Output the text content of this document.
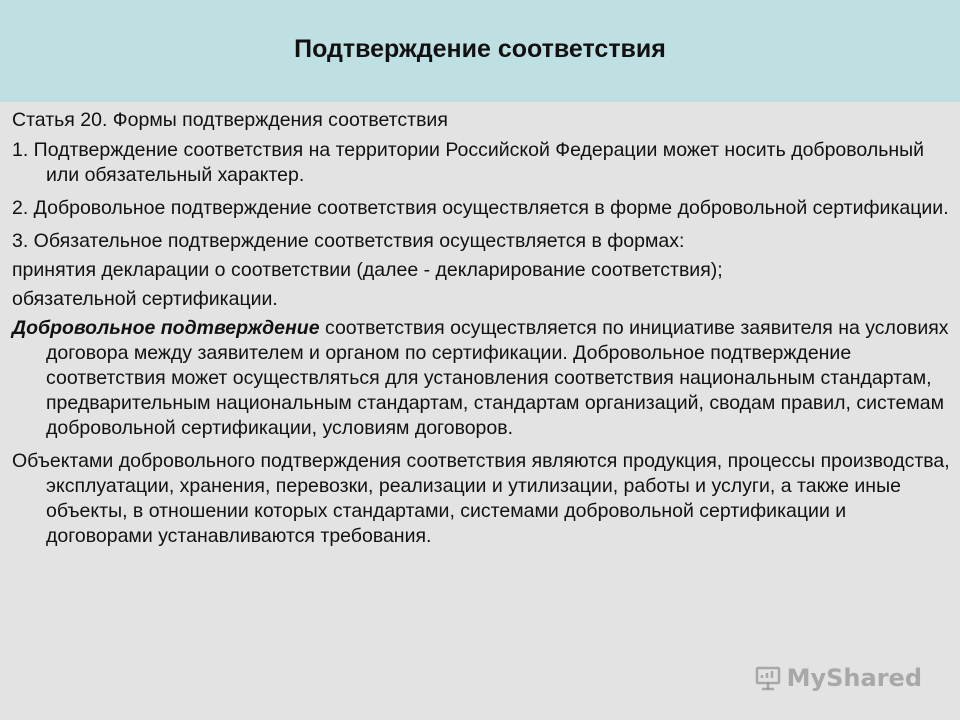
Подтверждение соответствия

Статья 20. Формы подтверждения соответствия

1. Подтверждение соответствия на территории Российской Федерации может носить добровольный или обязательный характер.

2. Добровольное подтверждение соответствия осуществляется в форме добровольной сертификации.

3. Обязательное подтверждение соответствия осуществляется в формах:

принятия декларации о соответствии (далее - декларирование соответствия);

обязательной сертификации.

Добровольное подтверждение соответствия осуществляется по инициативе заявителя на условиях договора между заявителем и органом по сертификации. Добровольное подтверждение соответствия может осуществляться для установления соответствия национальным стандартам, предварительным национальным стандартам, стандартам организаций, сводам правил, системам добровольной сертификации, условиям договоров.

Объектами добровольного подтверждения соответствия являются продукция, процессы производства, эксплуатации, хранения, перевозки, реализации и утилизации, работы и услуги, а также иные объекты, в отношении которых стандартами, системами добровольной сертификации и договорами устанавливаются требования.

MyShared
